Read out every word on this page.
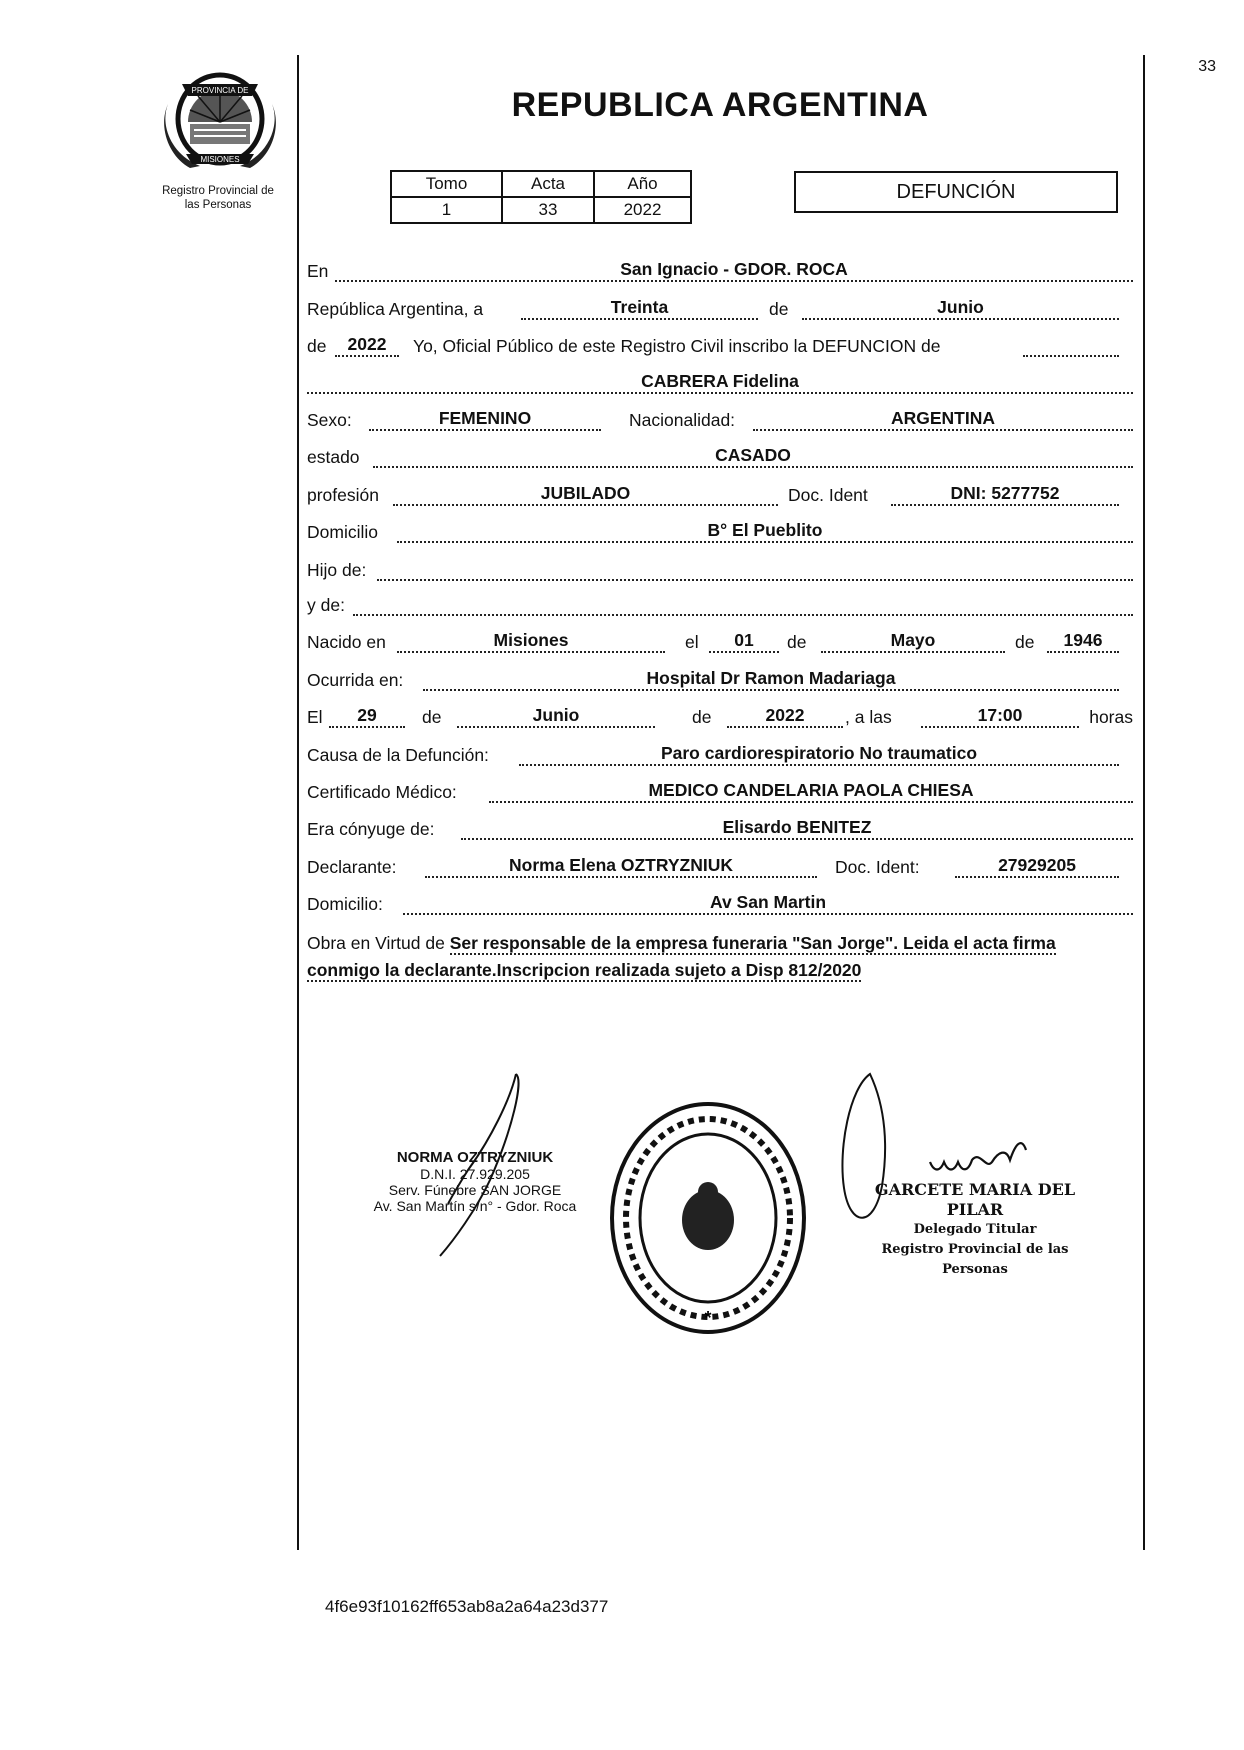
33
PROVINCIA DE
MISIONES
Registro Provincial de
las Personas
REPUBLICA ARGENTINA
Tomo	Acta	Año
1	33	2022
DEFUNCIÓN
En	San Ignacio - GDOR. ROCA
República Argentina, a	Treinta	de	Junio
de	2022	Yo, Oficial Público de este Registro Civil inscribo la DEFUNCION de
CABRERA Fidelina
Sexo:	FEMENINO	Nacionalidad:	ARGENTINA
estado	CASADO
profesión	JUBILADO	Doc. Ident	DNI: 5277752
Domicilio	B° El Pueblito
Hijo de:
y de:
Nacido en	Misiones	el	01	de	Mayo	de	1946
Ocurrida en:	Hospital Dr Ramon Madariaga
El	29	de	Junio	de	2022	, a las	17:00	horas
Causa de la Defunción:	Paro cardiorespiratorio No traumatico
Certificado Médico:	MEDICO CANDELARIA PAOLA CHIESA
Era cónyuge de:	Elisardo BENITEZ
Declarante:	Norma Elena OZTRYZNIUK	Doc. Ident:	27929205
Domicilio:	Av San Martin
Obra en Virtud de Ser responsable de la empresa funeraria "San Jorge". Leida el acta firma conmigo la declarante.Inscripcion realizada sujeto a Disp 812/2020
NORMA OZTRYZNIUK
D.N.I. 27.929.205
Serv. Fúnebre SAN JORGE
Av. San Martín s/n° - Gdor. Roca
*
GARCETE MARIA DEL PILAR
Delegado Titular
Registro Provincial de las Personas
4f6e93f10162ff653ab8a2a64a23d377
